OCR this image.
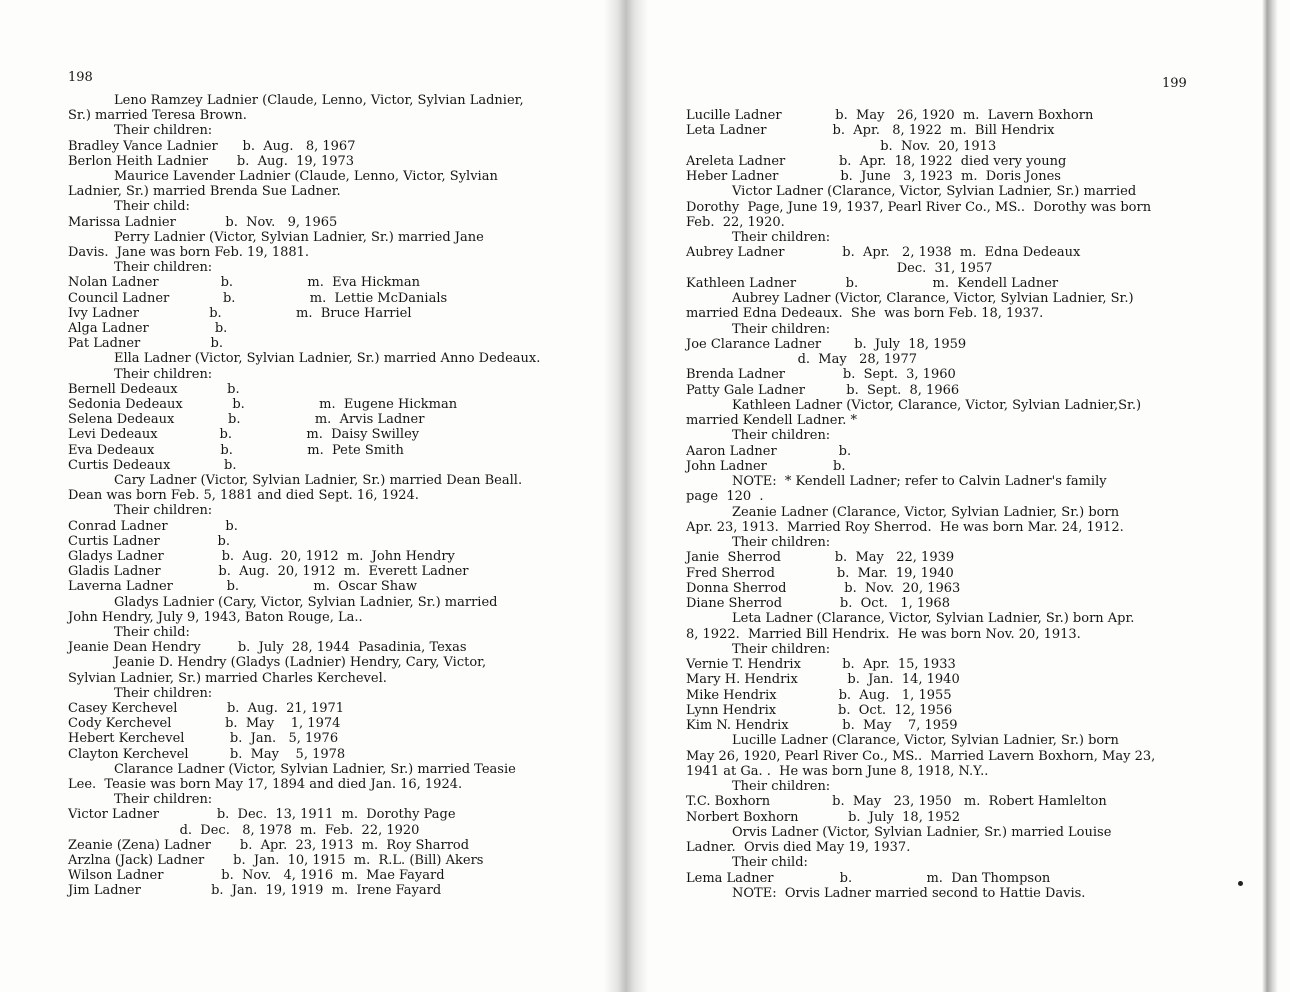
198
Leno Ramzey Ladnier (Claude, Lenno, Victor, Sylvian Ladnier,
Sr.) married Teresa Brown.
Their children:
Bradley Vance Ladnier      b.  Aug.   8, 1967
Berlon Heith Ladnier       b.  Aug.  19, 1973
Maurice Lavender Ladnier (Claude, Lenno, Victor, Sylvian
Ladnier, Sr.) married Brenda Sue Ladner.
Their child:
Marissa Ladnier            b.  Nov.   9, 1965
Perry Ladnier (Victor, Sylvian Ladnier, Sr.) married Jane
Davis.  Jane was born Feb. 19, 1881.
Their children:
Nolan Ladner               b.                  m.  Eva Hickman
Council Ladner             b.                  m.  Lettie McDanials
Ivy Ladner                 b.                  m.  Bruce Harriel
Alga Ladner                b.
Pat Ladner                 b.
Ella Ladner (Victor, Sylvian Ladnier, Sr.) married Anno Dedeaux.
Their children:
Bernell Dedeaux            b.
Sedonia Dedeaux            b.                  m.  Eugene Hickman
Selena Dedeaux             b.                  m.  Arvis Ladner
Levi Dedeaux               b.                  m.  Daisy Swilley
Eva Dedeaux                b.                  m.  Pete Smith
Curtis Dedeaux             b.
Cary Ladner (Victor, Sylvian Ladnier, Sr.) married Dean Beall.
Dean was born Feb. 5, 1881 and died Sept. 16, 1924.
Their children:
Conrad Ladner              b.
Curtis Ladner              b.
Gladys Ladner              b.  Aug.  20, 1912  m.  John Hendry
Gladis Ladner              b.  Aug.  20, 1912  m.  Everett Ladner
Laverna Ladner             b.                  m.  Oscar Shaw
Gladys Ladnier (Cary, Victor, Sylvian Ladnier, Sr.) married
John Hendry, July 9, 1943, Baton Rouge, La..
Their child:
Jeanie Dean Hendry         b.  July  28, 1944  Pasadinia, Texas
Jeanie D. Hendry (Gladys (Ladnier) Hendry, Cary, Victor,
Sylvian Ladnier, Sr.) married Charles Kerchevel.
Their children:
Casey Kerchevel            b.  Aug.  21, 1971
Cody Kerchevel             b.  May    1, 1974
Hebert Kerchevel           b.  Jan.   5, 1976
Clayton Kerchevel          b.  May    5, 1978
Clarance Ladner (Victor, Sylvian Ladnier, Sr.) married Teasie
Lee.  Teasie was born May 17, 1894 and died Jan. 16, 1924.
Their children:
Victor Ladner              b.  Dec.  13, 1911  m.  Dorothy Page
d.  Dec.   8, 1978  m.  Feb.  22, 1920
Zeanie (Zena) Ladner       b.  Apr.  23, 1913  m.  Roy Sharrod
Arzlna (Jack) Ladner       b.  Jan.  10, 1915  m.  R.L. (Bill) Akers
Wilson Ladner              b.  Nov.   4, 1916  m.  Mae Fayard
Jim Ladner                 b.  Jan.  19, 1919  m.  Irene Fayard
199
Lucille Ladner             b.  May   26, 1920  m.  Lavern Boxhorn
Leta Ladner                b.  Apr.   8, 1922  m.  Bill Hendrix
b.  Nov.  20, 1913
Areleta Ladner             b.  Apr.  18, 1922  died very young
Heber Ladner               b.  June   3, 1923  m.  Doris Jones
Victor Ladner (Clarance, Victor, Sylvian Ladnier, Sr.) married
Dorothy  Page, June 19, 1937, Pearl River Co., MS..  Dorothy was born
Feb.  22, 1920.
Their children:
Aubrey Ladner              b.  Apr.   2, 1938  m.  Edna Dedeaux
Dec.  31, 1957
Kathleen Ladner            b.                  m.  Kendell Ladner
Aubrey Ladner (Victor, Clarance, Victor, Sylvian Ladnier, Sr.)
married Edna Dedeaux.  She  was born Feb. 18, 1937.
Their children:
Joe Clarance Ladner        b.  July  18, 1959
d.  May   28, 1977
Brenda Ladner              b.  Sept.  3, 1960
Patty Gale Ladner          b.  Sept.  8, 1966
Kathleen Ladner (Victor, Clarance, Victor, Sylvian Ladnier,Sr.)
married Kendell Ladner. *
Their children:
Aaron Ladner               b.
John Ladner                b.
NOTE:  * Kendell Ladner; refer to Calvin Ladner's family
page  120  .
Zeanie Ladner (Clarance, Victor, Sylvian Ladnier, Sr.) born
Apr. 23, 1913.  Married Roy Sherrod.  He was born Mar. 24, 1912.
Their children:
Janie  Sherrod             b.  May   22, 1939
Fred Sherrod               b.  Mar.  19, 1940
Donna Sherrod              b.  Nov.  20, 1963
Diane Sherrod              b.  Oct.   1, 1968
Leta Ladner (Clarance, Victor, Sylvian Ladnier, Sr.) born Apr.
8, 1922.  Married Bill Hendrix.  He was born Nov. 20, 1913.
Their children:
Vernie T. Hendrix          b.  Apr.  15, 1933
Mary H. Hendrix            b.  Jan.  14, 1940
Mike Hendrix               b.  Aug.   1, 1955
Lynn Hendrix               b.  Oct.  12, 1956
Kim N. Hendrix             b.  May    7, 1959
Lucille Ladner (Clarance, Victor, Sylvian Ladnier, Sr.) born
May 26, 1920, Pearl River Co., MS..  Married Lavern Boxhorn, May 23,
1941 at Ga. .  He was born June 8, 1918, N.Y..
Their children:
T.C. Boxhorn               b.  May   23, 1950   m.  Robert Hamlelton
Norbert Boxhorn            b.  July  18, 1952
Orvis Ladner (Victor, Sylvian Ladnier, Sr.) married Louise
Ladner.  Orvis died May 19, 1937.
Their child:
Lema Ladner                b.                  m.  Dan Thompson
NOTE:  Orvis Ladner married second to Hattie Davis.
